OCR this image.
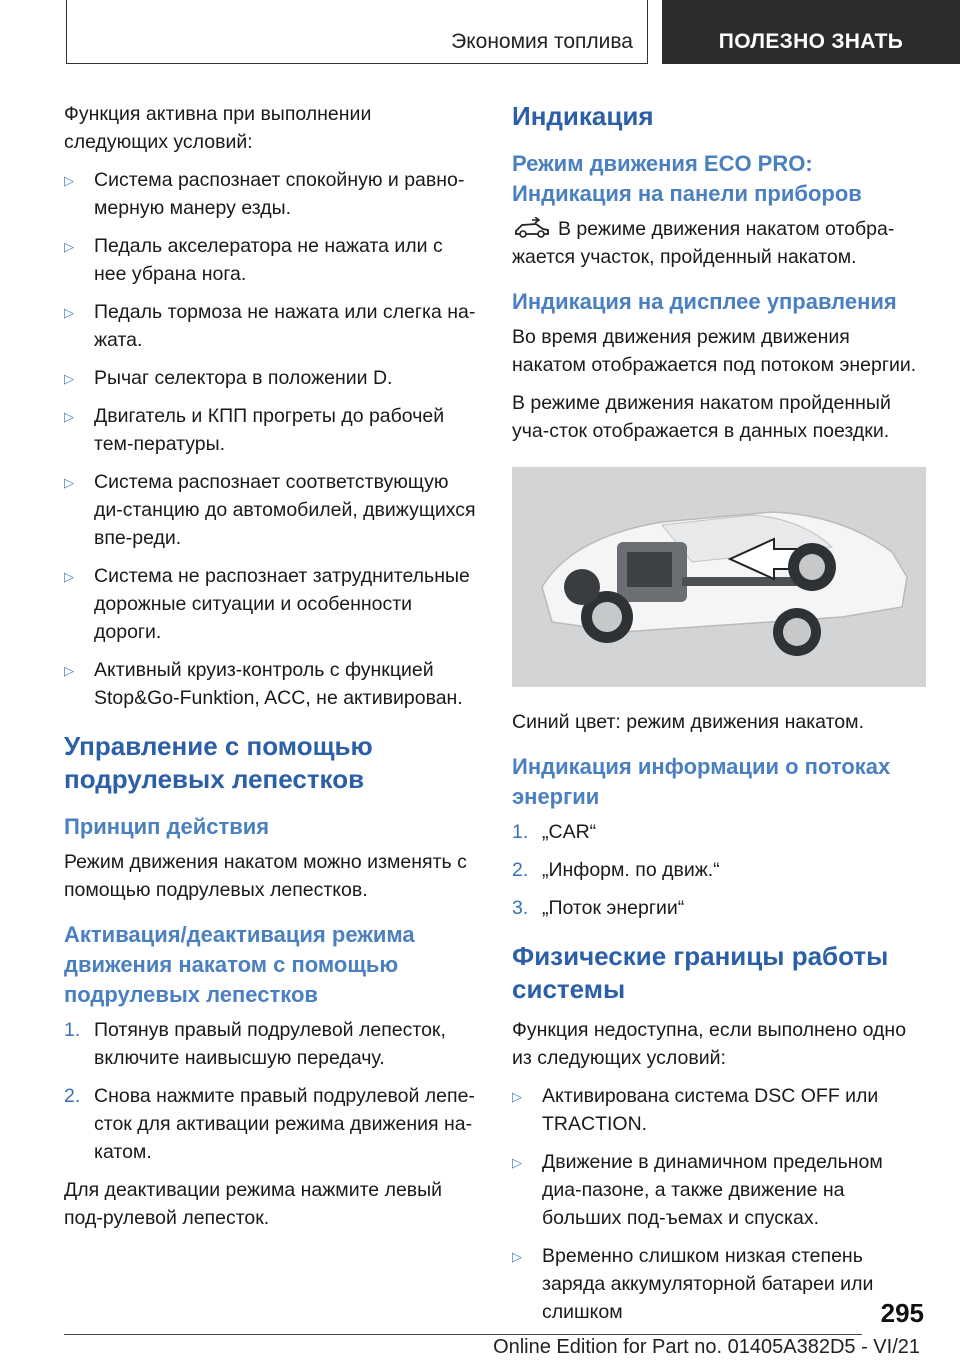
Экономия топлива	ПОЛЕЗНО ЗНАТЬ

Функция активна при выполнении следующих условий:

▷ Система распознает спокойную и равно-мерную манеру езды.
▷ Педаль акселератора не нажата или с нее убрана нога.
▷ Педаль тормоза не нажата или слегка на-жата.
▷ Рычаг селектора в положении D.
▷ Двигатель и КПП прогреты до рабочей тем-пературы.
▷ Система распознает соответствующую ди-станцию до автомобилей, движущихся впе-реди.
▷ Система не распознает затруднительные дорожные ситуации и особенности дороги.
▷ Активный круиз-контроль с функцией Stop&Go-Funktion, ACC, не активирован.
Управление с помощью подрулевых лепестков
Принцип действия

Режим движения накатом можно изменять с помощью подрулевых лепестков.

Активация/деактивация режима движения накатом с помощью подрулевых лепестков
1. Потянув правый подрулевой лепесток, включите наивысшую передачу.
2. Снова нажмите правый подрулевой лепе-сток для активации режима движения на-катом.

Для деактивации режима нажмите левый под-рулевой лепесток.

Индикация
Режим движения ECO PRO: Индикация на панели приборов

В режиме движения накатом отобра-жается участок, пройденный накатом.

Индикация на дисплее управления

Во время движения режим движения накатом отображается под потоком энергии.

В режиме движения накатом пройденный уча-сток отображается в данных поездки.

Синий цвет: режим движения накатом.

Индикация информации о потоках энергии
1. „CAR“
2. „Информ. по движ.“
3. „Поток энергии“
Физические границы работы системы

Функция недоступна, если выполнено одно из следующих условий:

▷ Активирована система DSC OFF или TRACTION.
▷ Движение в динамичном предельном диа-пазоне, а также движение на больших под-ъемах и спусках.
▷ Временно слишком низкая степень заряда аккумуляторной батареи или слишком	295
Online Edition for Part no. 01405A382D5 - VI/21
